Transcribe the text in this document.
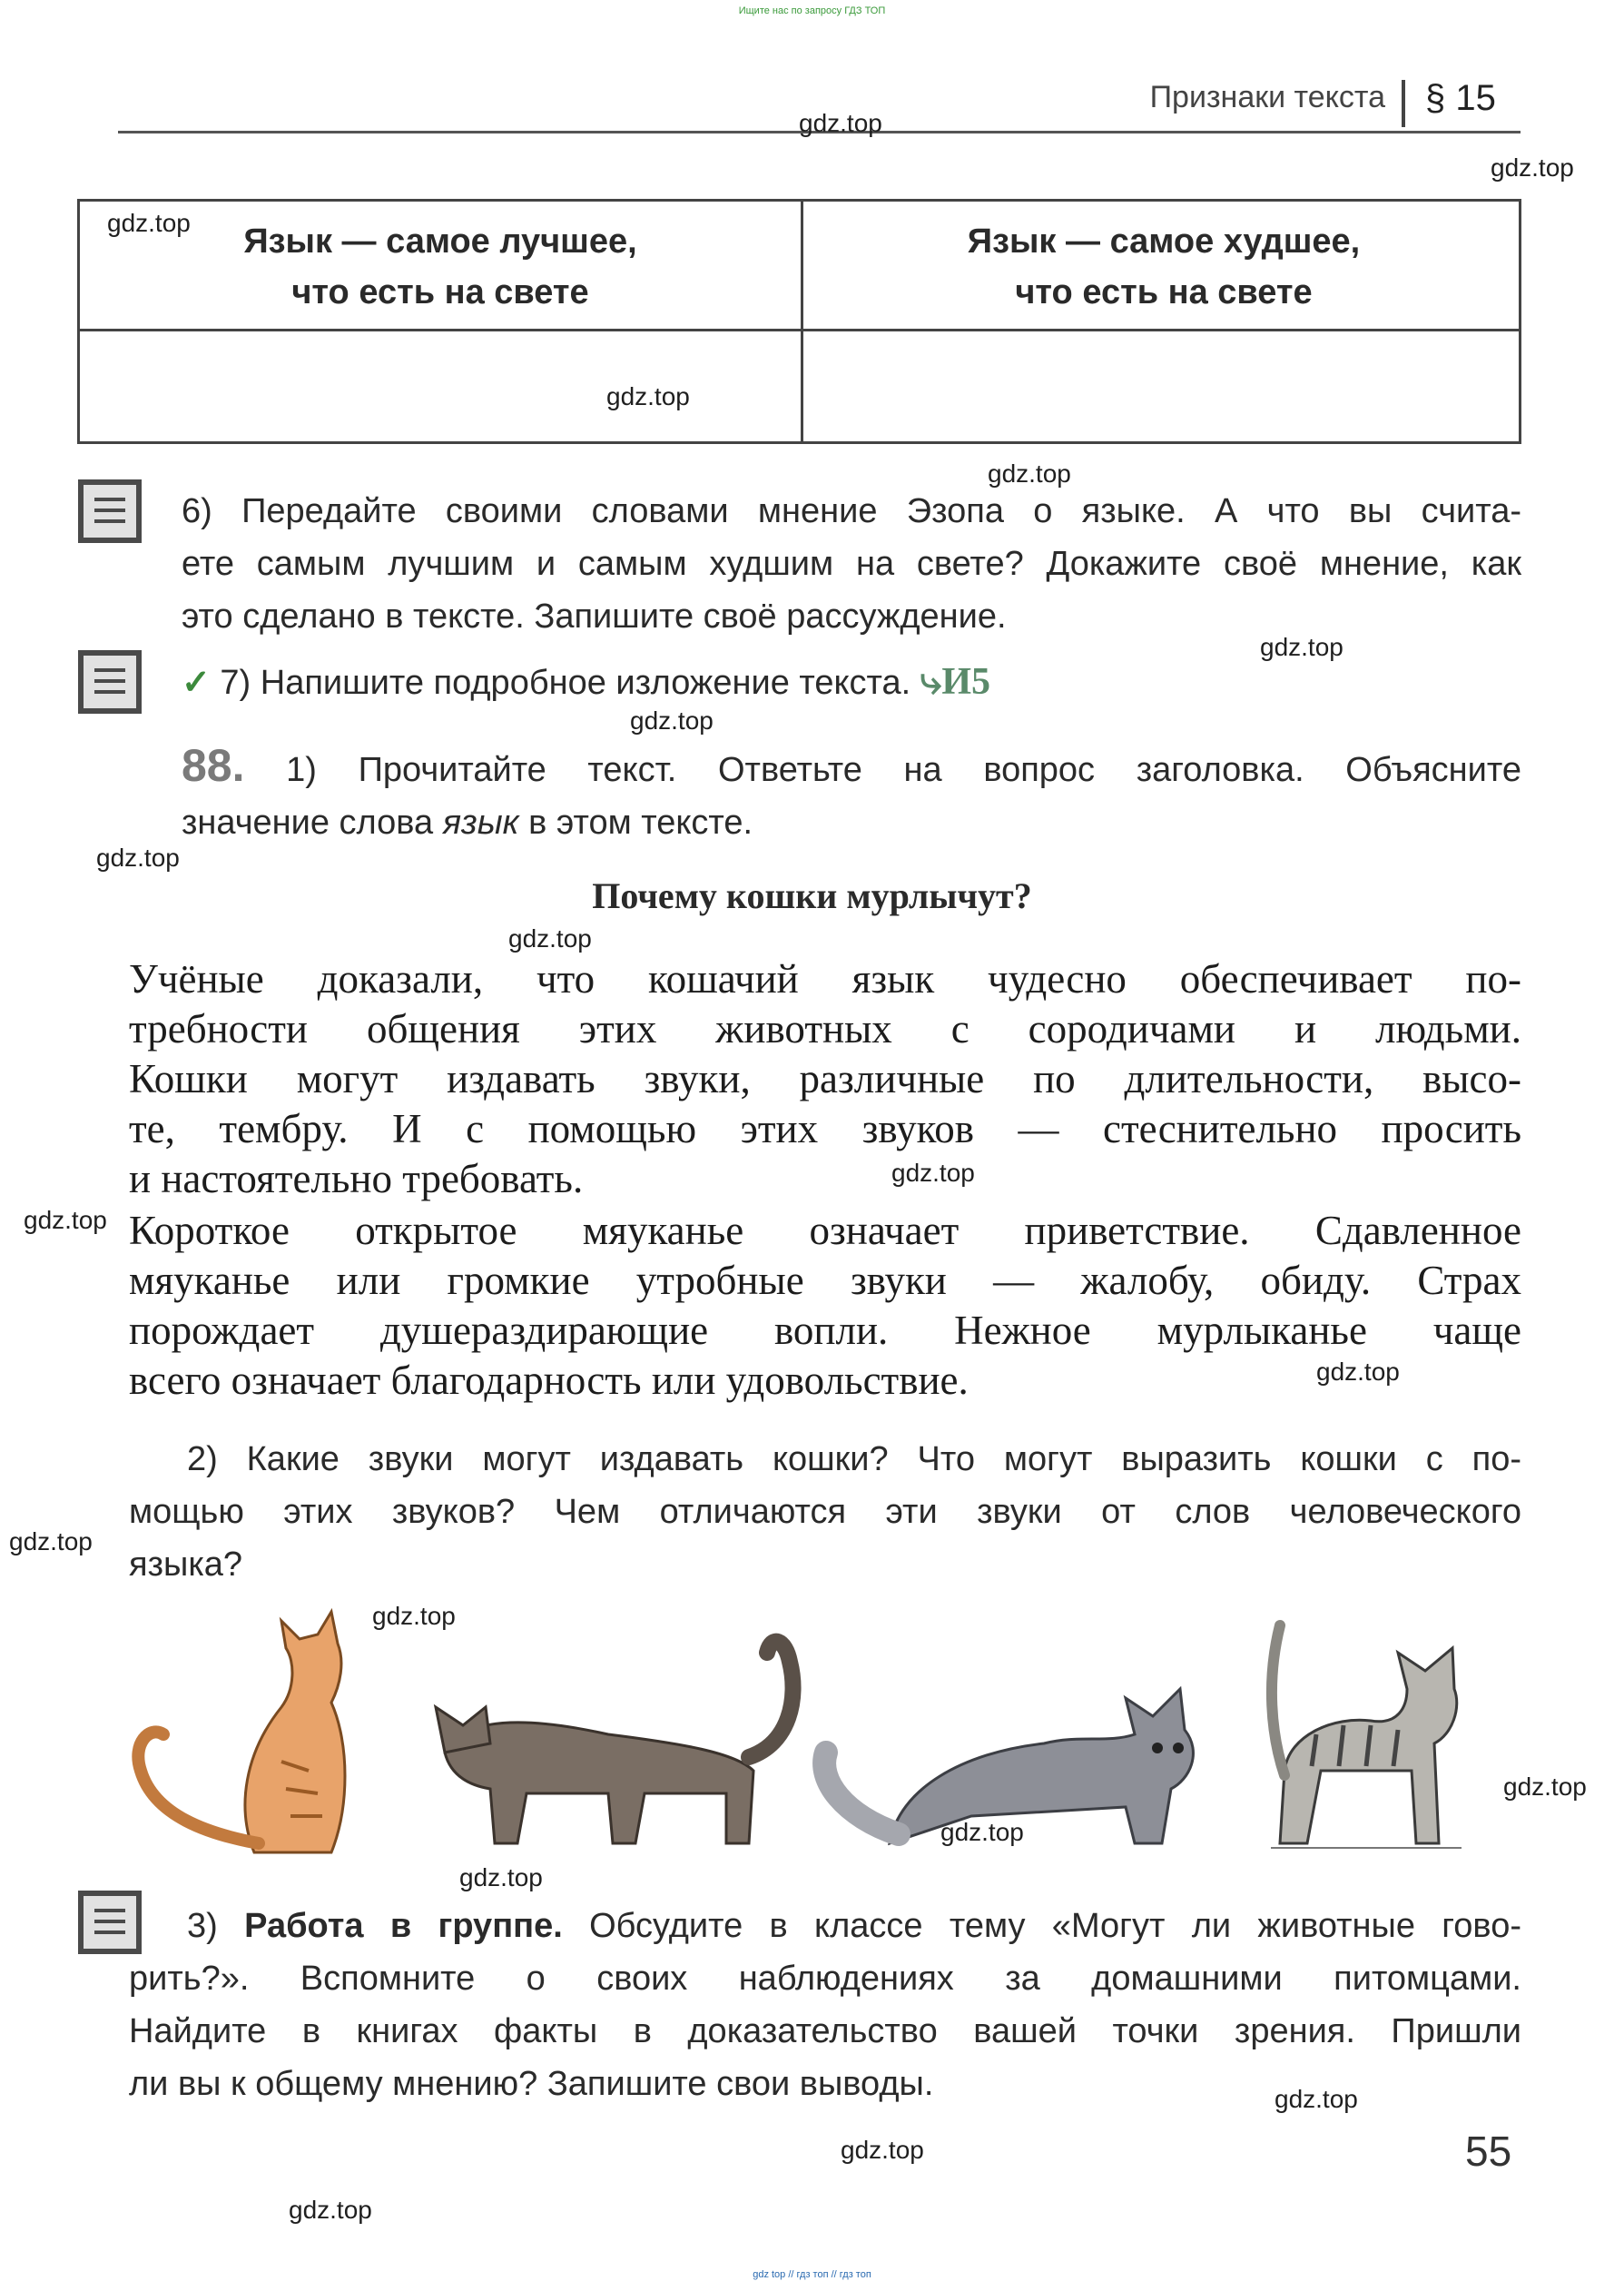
Ищите нас по запросу ГДЗ ТОП
Признаки текста § 15
gdz.top
gdz.top
gdz.top
gdz.top
gdz.top
gdz.top
gdz.top
gdz.top
gdz.top
gdz.top
gdz.top
gdz.top
gdz.top
gdz.top
gdz.top
gdz.top
gdz.top
gdz.top
gdz.top
gdz.top
Язык — самое лучшее,
что есть на свете
Язык — самое худшее,
что есть на свете
6) Передайте своими словами мнение Эзопа о языке. А что вы счита-
ете самым лучшим и самым худшим на свете? Докажите своё мнение, как
это сделано в тексте. Запишите своё рассуждение.
✓ 7) Напишите подробное изложение текста. ⤷И5
88. 1) Прочитайте текст. Ответьте на вопрос заголовка. Объясните
значение слова язык в этом тексте.
Почему кошки мурлычут?
Учёные доказали, что кошачий язык чудесно обеспечивает по-
требности общения этих животных с сородичами и людьми.
Кошки могут издавать звуки, различные по длительности, высо-
те, тембру. И с помощью этих звуков — стеснительно просить
и настоятельно требовать.
Короткое открытое мяуканье означает приветствие. Сдавленное
мяуканье или громкие утробные звуки — жалобу, обиду. Страх
порождает душераздирающие вопли. Нежное мурлыканье чаще
всего означает благодарность или удовольствие.
2) Какие звуки могут издавать кошки? Что могут выразить кошки с по-
мощью этих звуков? Чем отличаются эти звуки от слов человеческого
языка?
3) Работа в группе. Обсудите в классе тему «Могут ли животные гово-
рить?». Вспомните о своих наблюдениях за домашними питомцами.
Найдите в книгах факты в доказательство вашей точки зрения. Пришли
ли вы к общему мнению? Запишите свои выводы.
55
gdz top // гдз топ // гдз топ
